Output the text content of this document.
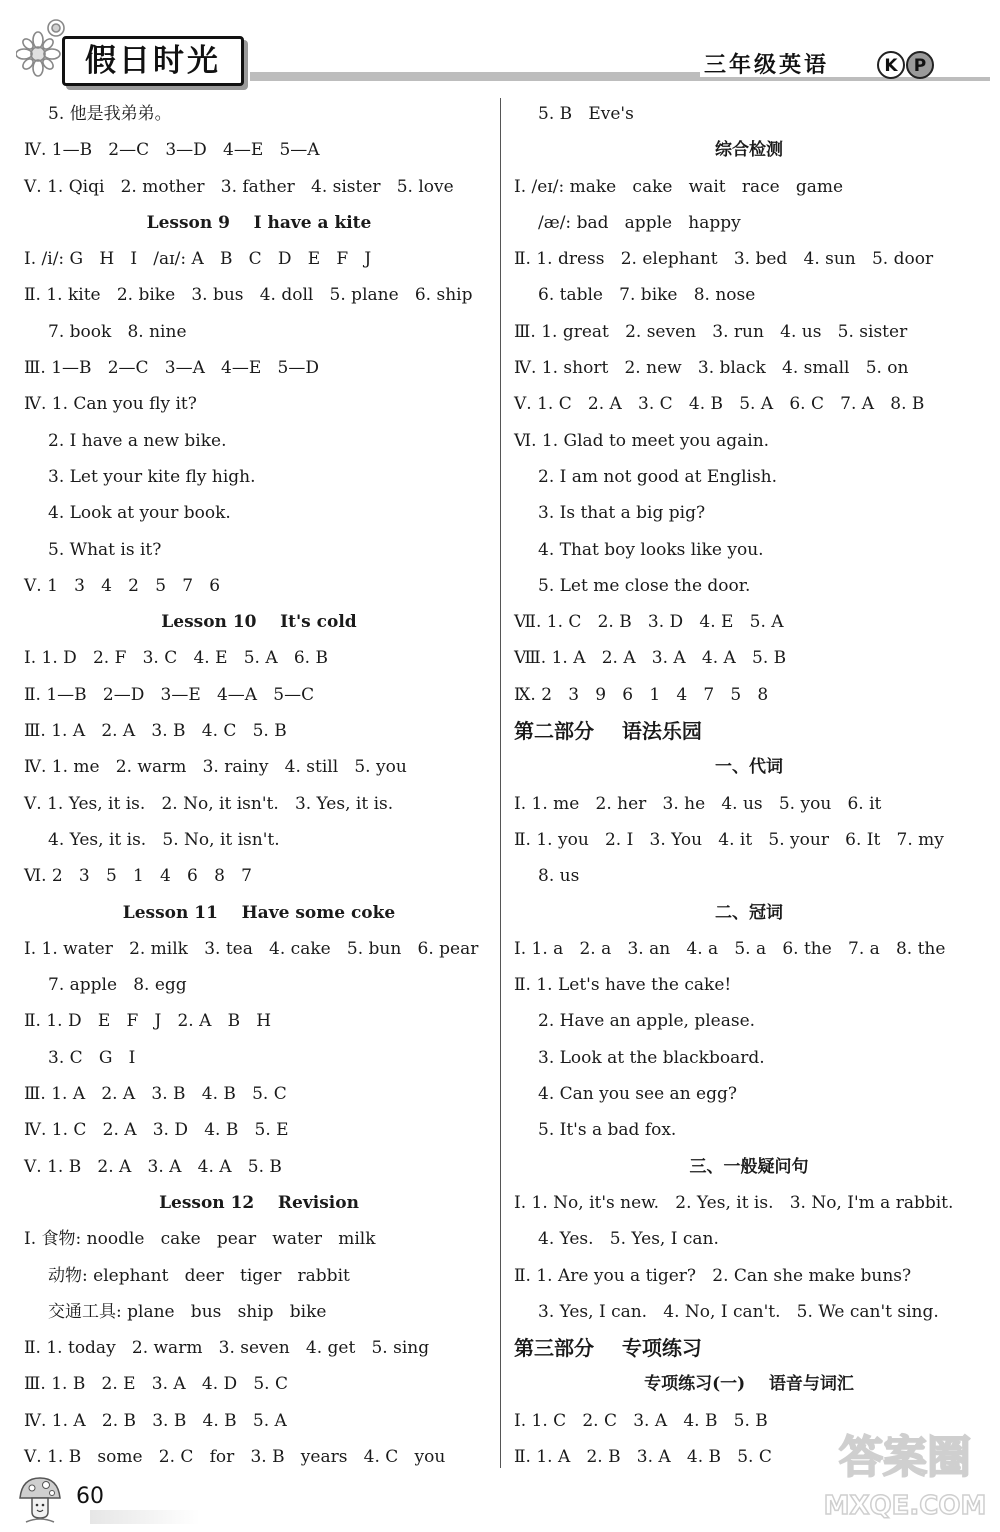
假日时光	三年级英语	K P
5. 他是我弟弟。
Ⅳ. 1—B   2—C   3—D   4—E   5—A
Ⅴ. 1. Qiqi   2. mother   3. father   4. sister   5. love
Lesson 9    I have a kite
Ⅰ. /i/: G   H   I   /aɪ/: A   B   C   D   E   F   J
Ⅱ. 1. kite   2. bike   3. bus   4. doll   5. plane   6. ship
7. book   8. nine
Ⅲ. 1—B   2—C   3—A   4—E   5—D
Ⅳ. 1. Can you fly it?
2. I have a new bike.
3. Let your kite fly high.
4. Look at your book.
5. What is it?
Ⅴ. 1   3   4   2   5   7   6
Lesson 10    It's cold
Ⅰ. 1. D   2. F   3. C   4. E   5. A   6. B
Ⅱ. 1—B   2—D   3—E   4—A   5—C
Ⅲ. 1. A   2. A   3. B   4. C   5. B
Ⅳ. 1. me   2. warm   3. rainy   4. still   5. you
Ⅴ. 1. Yes, it is.   2. No, it isn't.   3. Yes, it is.
4. Yes, it is.   5. No, it isn't.
Ⅵ. 2   3   5   1   4   6   8   7
Lesson 11    Have some coke
Ⅰ. 1. water   2. milk   3. tea   4. cake   5. bun   6. pear
7. apple   8. egg
Ⅱ. 1. D   E   F   J   2. A   B   H
3. C   G   I
Ⅲ. 1. A   2. A   3. B   4. B   5. C
Ⅳ. 1. C   2. A   3. D   4. B   5. E
Ⅴ. 1. B   2. A   3. A   4. A   5. B
Lesson 12    Revision
Ⅰ. 食物: noodle   cake   pear   water   milk
动物: elephant   deer   tiger   rabbit
交通工具: plane   bus   ship   bike
Ⅱ. 1. today   2. warm   3. seven   4. get   5. sing
Ⅲ. 1. B   2. E   3. A   4. D   5. C
Ⅳ. 1. A   2. B   3. B   4. B   5. A
Ⅴ. 1. B   some   2. C   for   3. B   years   4. C   you
5. B   Eve's
综合检测
Ⅰ. /eɪ/: make   cake   wait   race   game
/æ/: bad   apple   happy
Ⅱ. 1. dress   2. elephant   3. bed   4. sun   5. door
6. table   7. bike   8. nose
Ⅲ. 1. great   2. seven   3. run   4. us   5. sister
Ⅳ. 1. short   2. new   3. black   4. small   5. on
Ⅴ. 1. C   2. A   3. C   4. B   5. A   6. C   7. A   8. B
Ⅵ. 1. Glad to meet you again.
2. I am not good at English.
3. Is that a big pig?
4. That boy looks like you.
5. Let me close the door.
Ⅶ. 1. C   2. B   3. D   4. E   5. A
Ⅷ. 1. A   2. A   3. A   4. A   5. B
Ⅸ. 2   3   9   6   1   4   7   5   8
第二部分    语法乐园
一、代词
Ⅰ. 1. me   2. her   3. he   4. us   5. you   6. it
Ⅱ. 1. you   2. I   3. You   4. it   5. your   6. It   7. my
8. us
二、冠词
Ⅰ. 1. a   2. a   3. an   4. a   5. a   6. the   7. a   8. the
Ⅱ. 1. Let's have the cake!
2. Have an apple, please.
3. Look at the blackboard.
4. Can you see an egg?
5. It's a bad fox.
三、一般疑问句
Ⅰ. 1. No, it's new.   2. Yes, it is.   3. No, I'm a rabbit.
4. Yes.   5. Yes, I can.
Ⅱ. 1. Are you a tiger?   2. Can she make buns?
3. Yes, I can.   4. No, I can't.   5. We can't sing.
第三部分    专项练习
专项练习(一)    语音与词汇
Ⅰ. 1. C   2. C   3. A   4. B   5. B
Ⅱ. 1. A   2. B   3. A   4. B   5. C
60
答案圈
MXQE.COM
